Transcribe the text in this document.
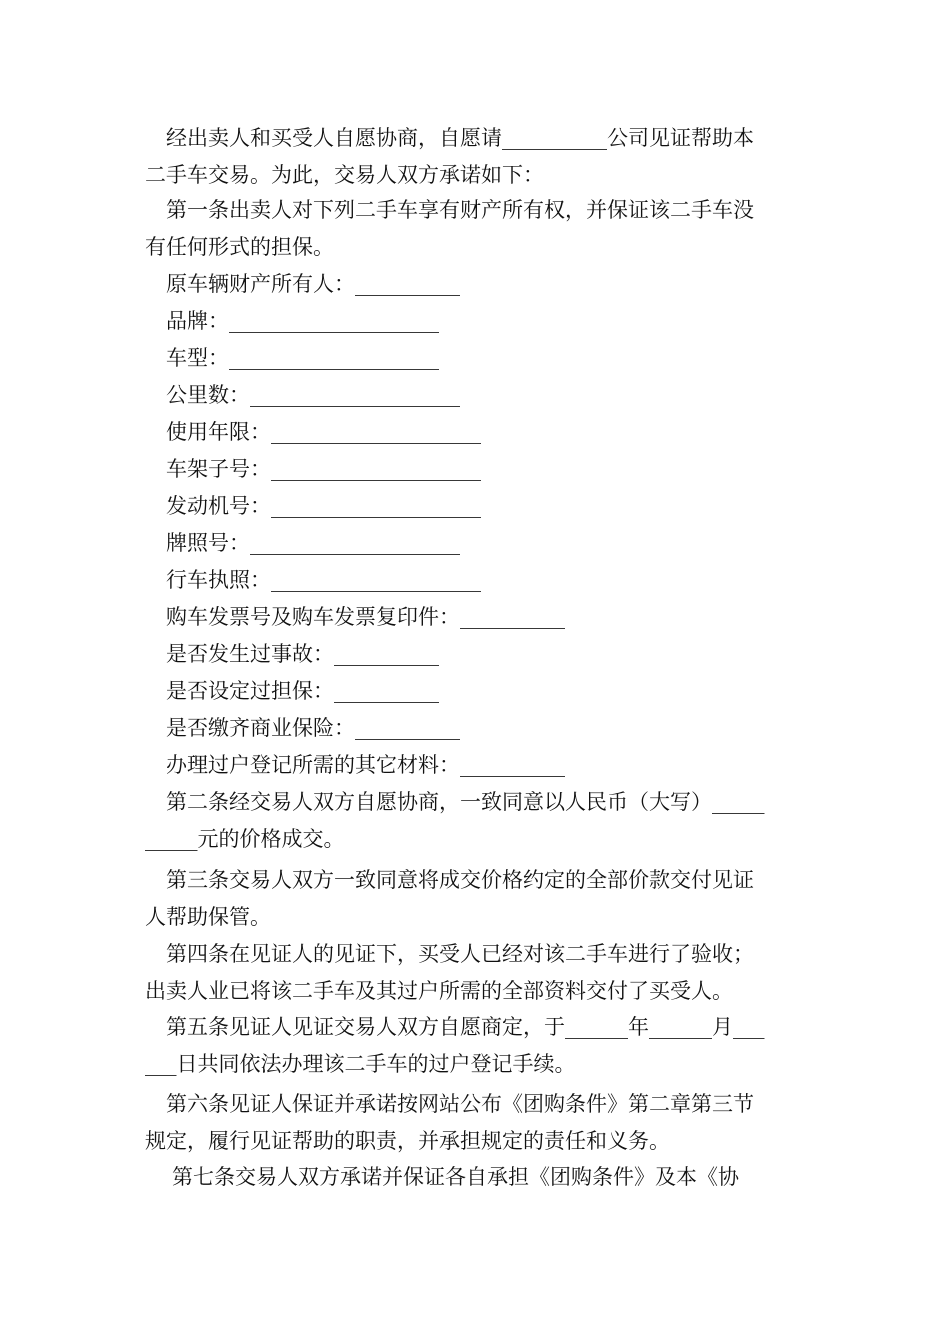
经出卖人和买受人自愿协商，自愿请__________公司见证帮助本
二手车交易。为此，交易人双方承诺如下：
第一条出卖人对下列二手车享有财产所有权，并保证该二手车没
有任何形式的担保。
原车辆财产所有人：__________
品牌：____________________
车型：____________________
公里数：____________________
使用年限：____________________
车架子号：____________________
发动机号：____________________
牌照号：____________________
行车执照：____________________
购车发票号及购车发票复印件：__________
是否发生过事故：__________
是否设定过担保：__________
是否缴齐商业保险：__________
办理过户登记所需的其它材料：__________
第二条经交易人双方自愿协商，一致同意以人民币（大写）_____
_____元的价格成交。
第三条交易人双方一致同意将成交价格约定的全部价款交付见证
人帮助保管。
第四条在见证人的见证下，买受人已经对该二手车进行了验收；
出卖人业已将该二手车及其过户所需的全部资料交付了买受人。
第五条见证人见证交易人双方自愿商定，于______年______月___
___日共同依法办理该二手车的过户登记手续。
第六条见证人保证并承诺按网站公布《团购条件》第二章第三节
规定，履行见证帮助的职责，并承担规定的责任和义务。
第七条交易人双方承诺并保证各自承担《团购条件》及本《协
